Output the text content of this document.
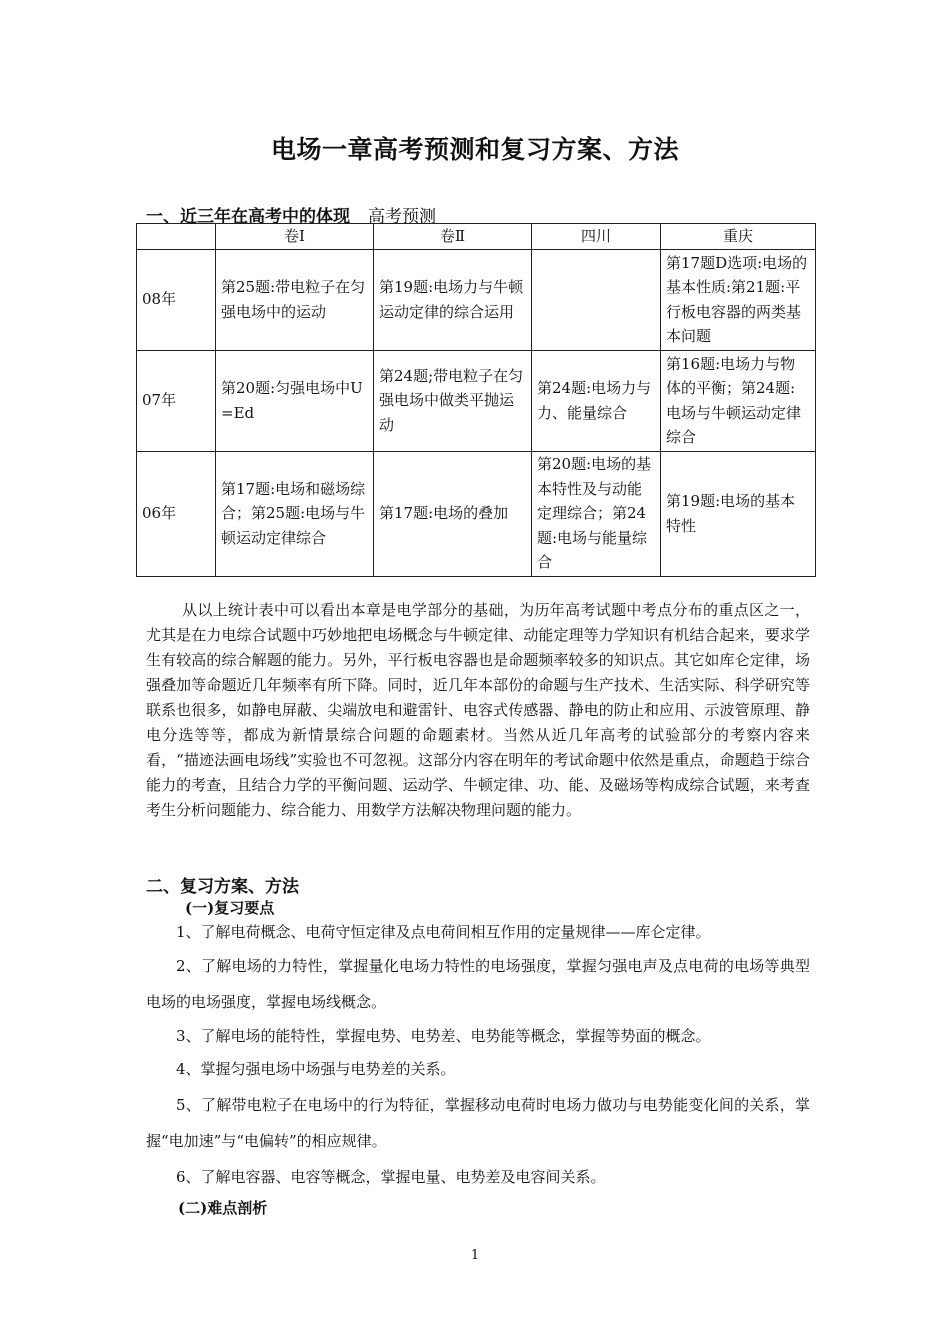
电场一章高考预测和复习方案、方法
一、近三年在高考中的体现 高考预测
	卷Ⅰ	卷Ⅱ	四川	重庆
08年	第25题:带电粒子在匀强电场中的运动	第19题:电场力与牛顿运动定律的综合运用		第17题D选项:电场的基本性质:第21题:平行板电容器的两类基本问题
07年	第20题:匀强电场中U =Ed	第24题;带电粒子在匀强电场中做类平抛运动	第24题:电场力与力、能量综合	第16题:电场力与物体的平衡；第24题:电场与牛顿运动定律综合
06年	第17题:电场和磁场综合；第25题:电场与牛顿运动定律综合	第17题:电场的叠加	第20题:电场的基本特性及与动能定理综合；第24题:电场与能量综合	第19题:电场的基本特性
从以上统计表中可以看出本章是电学部分的基础，为历年高考试题中考点分布的重点区之一，尤其是在力电综合试题中巧妙地把电场概念与牛顿定律、动能定理等力学知识有机结合起来，要求学生有较高的综合解题的能力。另外，平行板电容器也是命题频率较多的知识点。其它如库仑定律，场强叠加等命题近几年频率有所下降。同时，近几年本部份的命题与生产技术、生活实际、科学研究等联系也很多，如静电屏蔽、尖端放电和避雷针、电容式传感器、静电的防止和应用、示波管原理、静电分选等等，都成为新情景综合问题的命题素材。当然从近几年高考的试验部分的考察内容来看，“描迹法画电场线”实验也不可忽视。这部分内容在明年的考试命题中依然是重点，命题趋于综合能力的考查，且结合力学的平衡问题、运动学、牛顿定律、功、能、及磁场等构成综合试题，来考查考生分析问题能力、综合能力、用数学方法解决物理问题的能力。
二、复习方案、方法
(一)复习要点
1、了解电荷概念、电荷守恒定律及点电荷间相互作用的定量规律——库仑定律。
2、了解电场的力特性，掌握量化电场力特性的电场强度，掌握匀强电声及点电荷的电场等典型电场的电场强度，掌握电场线概念。
3、了解电场的能特性，掌握电势、电势差、电势能等概念，掌握等势面的概念。
4、掌握匀强电场中场强与电势差的关系。
5、了解带电粒子在电场中的行为特征，掌握移动电荷时电场力做功与电势能变化间的关系，掌握“电加速”与“电偏转”的相应规律。
6、了解电容器、电容等概念，掌握电量、电势差及电容间关系。
(二)难点剖析
1
